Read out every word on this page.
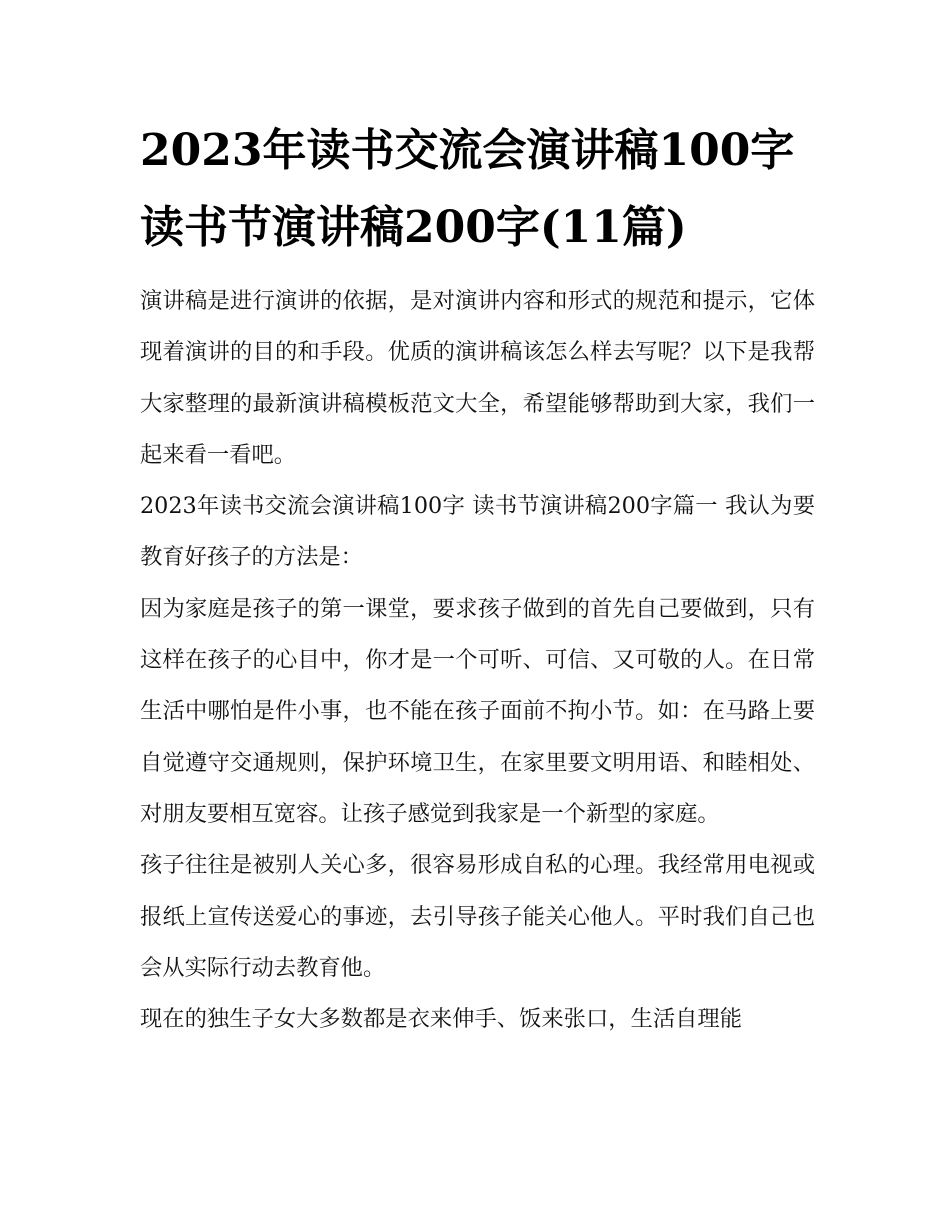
2023年读书交流会演讲稿100字 读书节演讲稿200字(11篇)

演讲稿是进行演讲的依据，是对演讲内容和形式的规范和提示，它体现着演讲的目的和手段。优质的演讲稿该怎么样去写呢？以下是我帮大家整理的最新演讲稿模板范文大全，希望能够帮助到大家，我们一起来看一看吧。

2023年读书交流会演讲稿100字 读书节演讲稿200字篇一 我认为要教育好孩子的方法是：

因为家庭是孩子的第一课堂，要求孩子做到的首先自己要做到，只有这样在孩子的心目中，你才是一个可听、可信、又可敬的人。在日常生活中哪怕是件小事，也不能在孩子面前不拘小节。如：在马路上要自觉遵守交通规则，保护环境卫生，在家里要文明用语、和睦相处、对朋友要相互宽容。让孩子感觉到我家是一个新型的家庭。

孩子往往是被别人关心多，很容易形成自私的心理。我经常用电视或报纸上宣传送爱心的事迹，去引导孩子能关心他人。平时我们自己也会从实际行动去教育他。

现在的独生子女大多数都是衣来伸手、饭来张口，生活自理能
